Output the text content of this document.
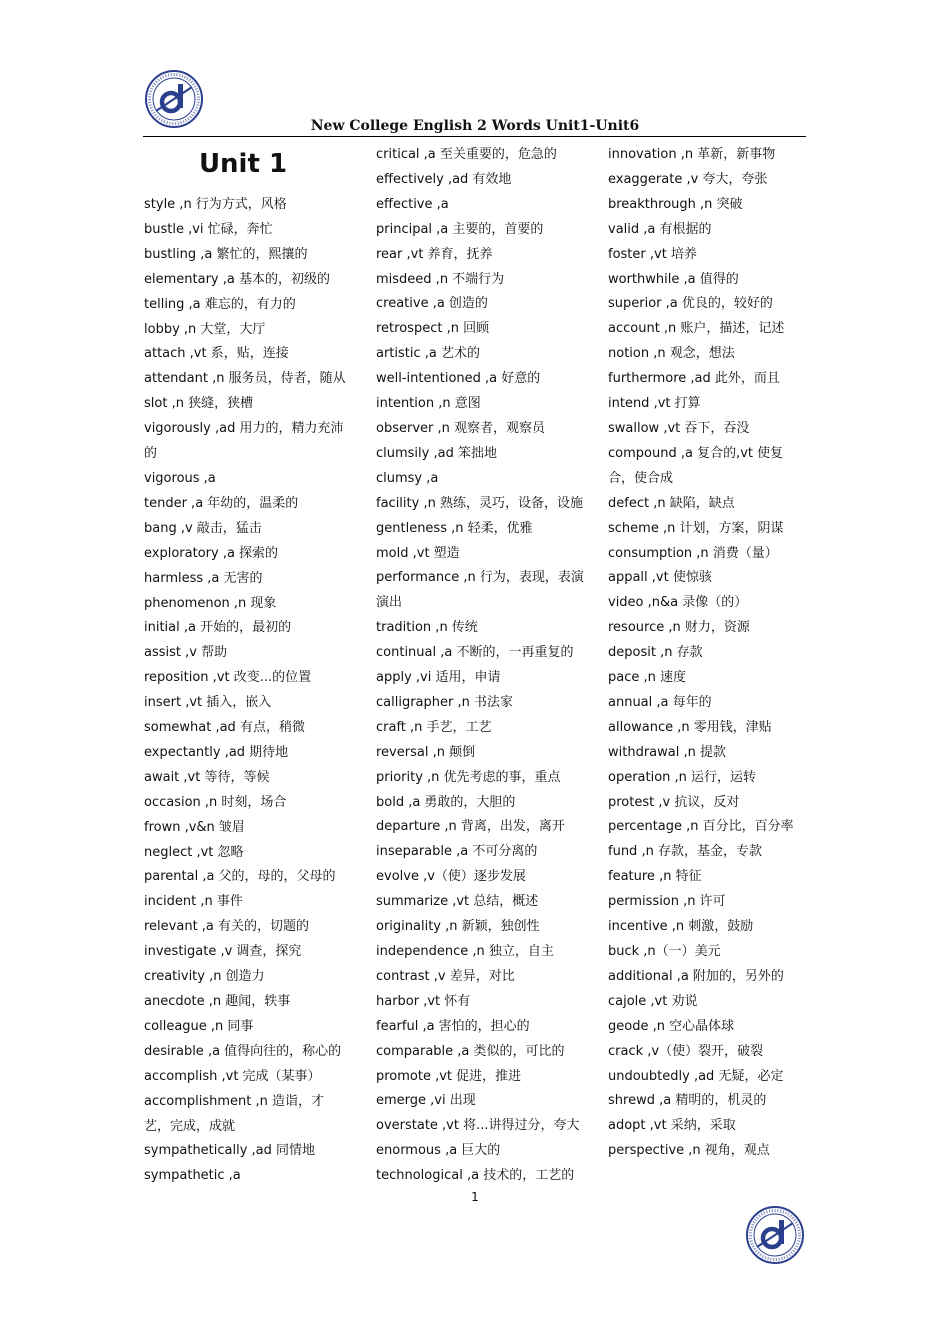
New College English 2 Words Unit1-Unit6
Unit 1
style ,n 行为方式，风格
bustle ,vi 忙碌，奔忙
bustling ,a 繁忙的，熙攘的
elementary ,a 基本的，初级的
telling ,a 难忘的，有力的
lobby ,n 大堂，大厅
attach ,vt 系，贴，连接
attendant ,n 服务员，侍者，随从
slot ,n 狭缝，狭槽
vigorously ,ad 用力的，精力充沛的
vigorous ,a
tender ,a 年幼的，温柔的
bang ,v 敲击，猛击
exploratory ,a 探索的
harmless ,a 无害的
phenomenon ,n 现象
initial ,a 开始的，最初的
assist ,v 帮助
reposition ,vt 改变...的位置
insert ,vt 插入，嵌入
somewhat ,ad 有点，稍微
expectantly ,ad 期待地
await ,vt 等待，等候
occasion ,n 时刻，场合
frown ,v&n 皱眉
neglect ,vt 忽略
parental ,a 父的，母的，父母的
incident ,n 事件
relevant ,a 有关的，切题的
investigate ,v 调查，探究
creativity ,n 创造力
anecdote ,n 趣闻，轶事
colleague ,n 同事
desirable ,a 值得向往的，称心的
accomplish ,vt 完成（某事）
accomplishment ,n 造诣，才艺，完成，成就
sympathetically ,ad 同情地
sympathetic ,a
critical ,a 至关重要的，危急的
effectively ,ad 有效地
effective ,a
principal ,a 主要的，首要的
rear ,vt 养育，抚养
misdeed ,n 不端行为
creative ,a 创造的
retrospect ,n 回顾
artistic ,a 艺术的
well-intentioned ,a 好意的
intention ,n 意图
observer ,n 观察者，观察员
clumsily ,ad 笨拙地
clumsy ,a
facility ,n 熟练，灵巧，设备，设施
gentleness ,n 轻柔，优雅
mold ,vt 塑造
performance ,n 行为，表现，表演演出
tradition ,n 传统
continual ,a 不断的，一再重复的
apply ,vi 适用，申请
calligrapher ,n 书法家
craft ,n 手艺，工艺
reversal ,n 颠倒
priority ,n 优先考虑的事，重点
bold ,a 勇敢的，大胆的
departure ,n 背离，出发，离开
inseparable ,a 不可分离的
evolve ,v（使）逐步发展
summarize ,vt 总结，概述
originality ,n 新颖，独创性
independence ,n 独立，自主
contrast ,v 差异，对比
harbor ,vt 怀有
fearful ,a 害怕的，担心的
comparable ,a 类似的，可比的
promote ,vt 促进，推进
emerge ,vi 出现
overstate ,vt 将...讲得过分，夸大
enormous ,a 巨大的
technological ,a 技术的，工艺的
innovation ,n 革新，新事物
exaggerate ,v 夸大，夸张
breakthrough ,n 突破
valid ,a 有根据的
foster ,vt 培养
worthwhile ,a 值得的
superior ,a 优良的，较好的
account ,n 账户，描述，记述
notion ,n 观念，想法
furthermore ,ad 此外，而且
intend ,vt 打算
swallow ,vt 吞下，吞没
compound ,a 复合的,vt 使复合，使合成
defect ,n 缺陷，缺点
scheme ,n 计划，方案，阴谋
consumption ,n 消费（量）
appall ,vt 使惊骇
video ,n&a 录像（的）
resource ,n 财力，资源
deposit ,n 存款
pace ,n 速度
annual ,a 每年的
allowance ,n 零用钱，津贴
withdrawal ,n 提款
operation ,n 运行，运转
protest ,v 抗议，反对
percentage ,n 百分比，百分率
fund ,n 存款，基金，专款
feature ,n 特征
permission ,n 许可
incentive ,n 刺激，鼓励
buck ,n（一）美元
additional ,a 附加的，另外的
cajole ,vt 劝说
geode ,n 空心晶体球
crack ,v（使）裂开，破裂
undoubtedly ,ad 无疑，必定
shrewd ,a 精明的，机灵的
adopt ,vt 采纳，采取
perspective ,n 视角，观点
1
